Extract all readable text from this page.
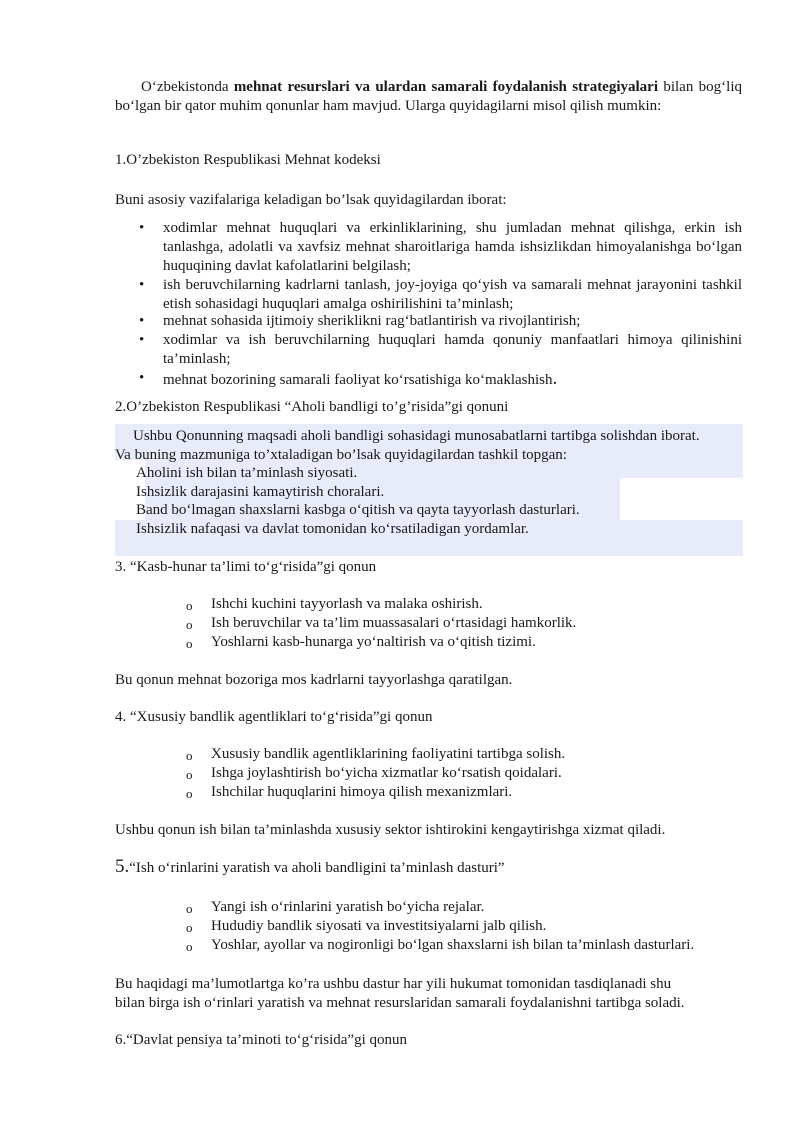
O‘zbekistonda mehnat resurslari va ulardan samarali foydalanish strategiyalari bilan bog‘liq bo‘lgan bir qator muhim qonunlar ham mavjud. Ularga quyidagilarni misol qilish mumkin:

1.O’zbekiston Respublikasi Mehnat kodeksi
Buni asosiy vazifalariga keladigan bo’lsak quyidagilardan iborat:
• xodimlar mehnat huquqlari va erkinliklarining, shu jumladan mehnat qilishga, erkin ish tanlashga, adolatli va xavfsiz mehnat sharoitlariga hamda ishsizlikdan himoyalanishga bo‘lgan huquqining davlat kafolatlarini belgilash;
• ish beruvchilarning kadrlarni tanlash, joy-joyiga qo‘yish va samarali mehnat jarayonini tashkil etish sohasidagi huquqlari amalga oshirilishini ta’minlash;
• mehnat sohasida ijtimoiy sheriklikni rag‘batlantirish va rivojlantirish;
• xodimlar va ish beruvchilarning huquqlari hamda qonuniy manfaatlari himoya qilinishini ta’minlash;
• mehnat bozorining samarali faoliyat ko‘rsatishiga ko‘maklashish.
2.O’zbekiston Respublikasi “Aholi bandligi to’g’risida”gi qonuni
Ushbu Qonunning maqsadi aholi bandligi sohasidagi munosabatlarni tartibga solishdan iborat.
Va buning mazmuniga to’xtaladigan bo’lsak quyidagilardan tashkil topgan:
Aholini ish bilan ta’minlash siyosati.
Ishsizlik darajasini kamaytirish choralari.
Band bo‘lmagan shaxslarni kasbga o‘qitish va qayta tayyorlash dasturlari.
Ishsizlik nafaqasi va davlat tomonidan ko‘rsatiladigan yordamlar.
3. “Kasb-hunar ta’limi to‘g‘risida”gi qonun
o Ishchi kuchini tayyorlash va malaka oshirish.
o Ish beruvchilar va ta’lim muassasalari o‘rtasidagi hamkorlik.
o Yoshlarni kasb-hunarga yo‘naltirish va o‘qitish tizimi.
Bu qonun mehnat bozoriga mos kadrlarni tayyorlashga qaratilgan.
4. “Xususiy bandlik agentliklari to‘g‘risida”gi qonun
o Xususiy bandlik agentliklarining faoliyatini tartibga solish.
o Ishga joylashtirish bo‘yicha xizmatlar ko‘rsatish qoidalari.
o Ishchilar huquqlarini himoya qilish mexanizmlari.
Ushbu qonun ish bilan ta’minlashda xususiy sektor ishtirokini kengaytirishga xizmat qiladi.
5.“Ish o‘rinlarini yaratish va aholi bandligini ta’minlash dasturi”
o Yangi ish o‘rinlarini yaratish bo‘yicha rejalar.
o Hududiy bandlik siyosati va investitsiyalarni jalb qilish.
o Yoshlar, ayollar va nogironligi bo‘lgan shaxslarni ish bilan ta’minlash dasturlari.
Bu haqidagi ma’lumotlartga ko’ra ushbu dastur har yili hukumat tomonidan tasdiqlanadi shu
bilan birga ish o‘rinlari yaratish va mehnat resurslaridan samarali foydalanishni tartibga soladi.
6.“Davlat pensiya ta’minoti to‘g‘risida”gi qonun
